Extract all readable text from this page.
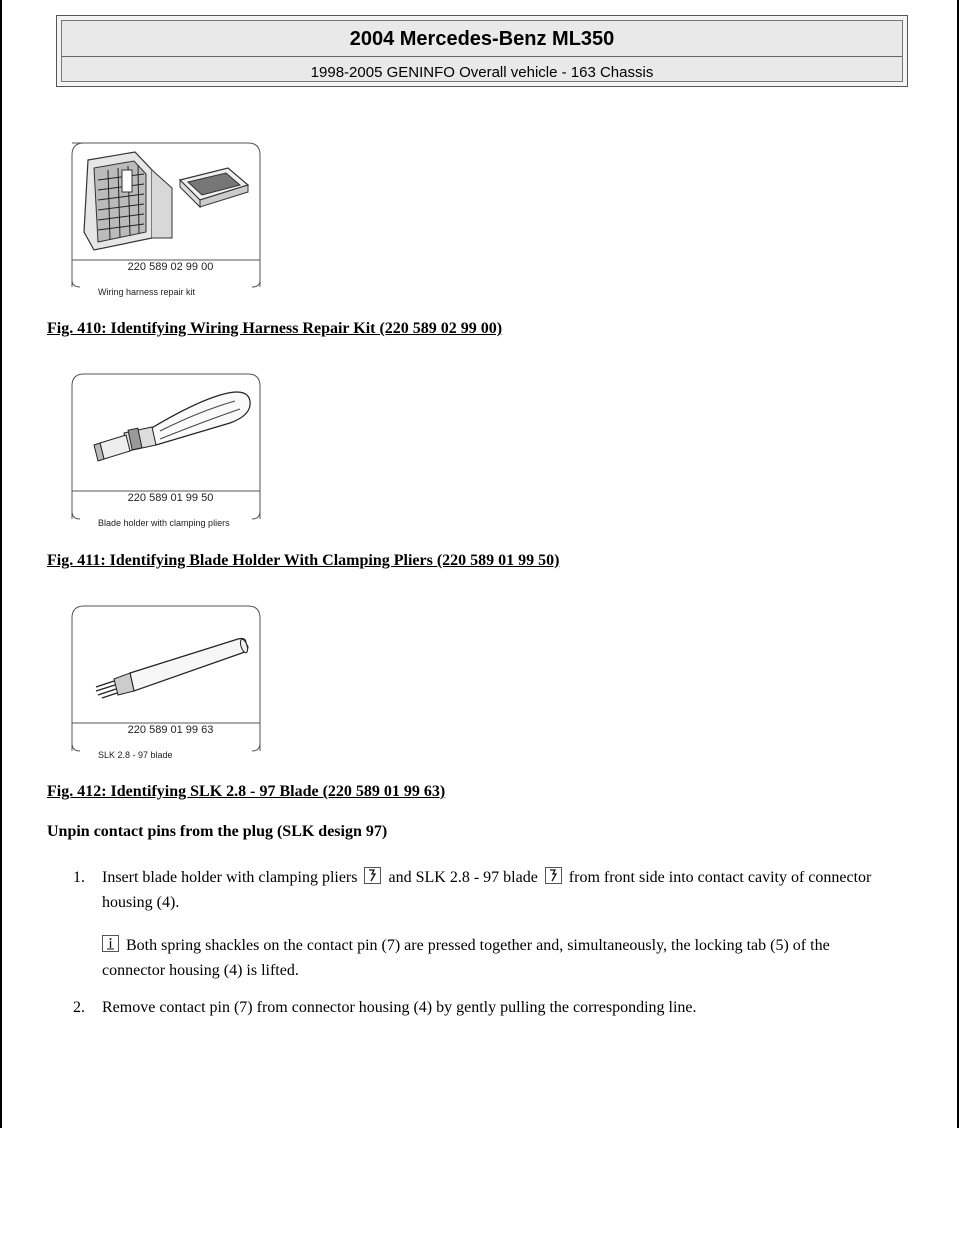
2004 Mercedes-Benz ML350
1998-2005 GENINFO Overall vehicle - 163 Chassis
220 589 02 99 00
Wiring harness repair kit
Fig. 410: Identifying Wiring Harness Repair Kit (220 589 02 99 00)
220 589 01 99 50
Blade holder with clamping pliers
Fig. 411: Identifying Blade Holder With Clamping Pliers (220 589 01 99 50)
220 589 01 99 63
SLK 2.8 - 97 blade
Fig. 412: Identifying SLK 2.8 - 97 Blade (220 589 01 99 63)
Unpin contact pins from the plug (SLK design 97)
1. Insert blade holder with clamping pliers and SLK 2.8 - 97 blade from front side into contact cavity of connector housing (4).
Both spring shackles on the contact pin (7) are pressed together and, simultaneously, the locking tab (5) of the connector housing (4) is lifted.
2. Remove contact pin (7) from connector housing (4) by gently pulling the corresponding line.
